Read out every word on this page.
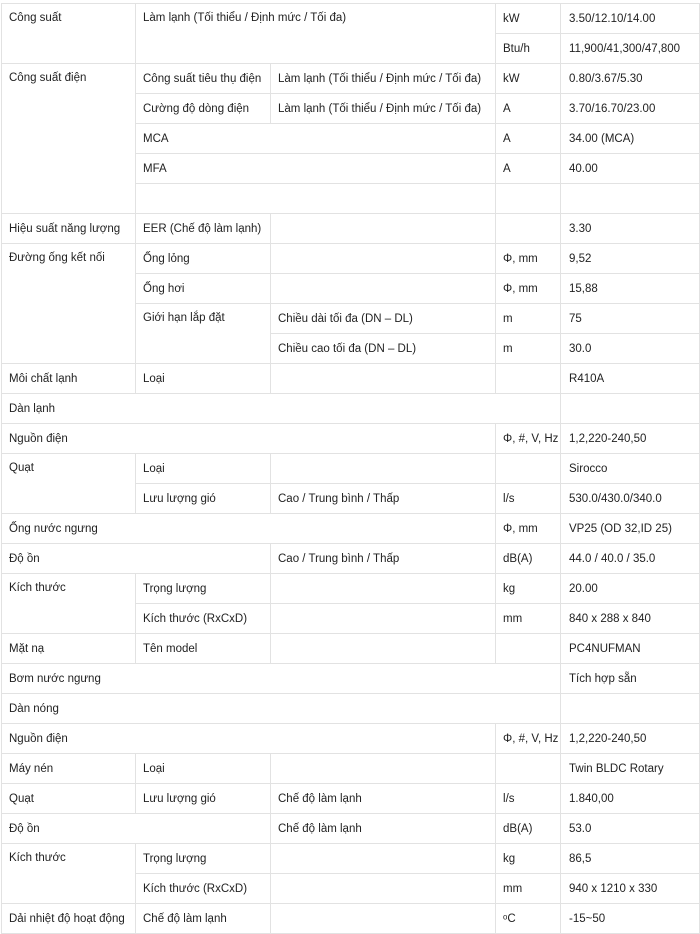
Công suất	Làm lạnh (Tối thiểu / Định mức / Tối đa)		kW	3.50/12.10/14.00
			Btu/h	11,900/41,300/47,800
Công suất điện	Công suất tiêu thụ điện	Làm lạnh (Tối thiểu / Định mức / Tối đa)	kW	0.80/3.67/5.30
	Cường độ dòng điện	Làm lạnh (Tối thiểu / Định mức / Tối đa)	A	3.70/16.70/23.00
	MCA		A	34.00 (MCA)
	MFA		A	40.00

Hiệu suất năng lượng	EER (Chế độ làm lạnh)			3.30
Đường ống kết nối	Ống lỏng		Φ, mm	9,52
	Ống hơi		Φ, mm	15,88
	Giới hạn lắp đặt	Chiều dài tối đa (DN – DL)	m	75
		Chiều cao tối đa (DN – DL)	m	30.0
Môi chất lạnh	Loại			R410A
Dàn lạnh				
Nguồn điện			Φ, #, V, Hz	1,2,220-240,50
Quạt	Loại			Sirocco
	Lưu lượng gió	Cao / Trung bình / Thấp	l/s	530.0/430.0/340.0
Ống nước ngưng			Φ, mm	VP25 (OD 32,ID 25)
Độ ồn		Cao / Trung bình / Thấp	dB(A)	44.0 / 40.0 / 35.0
Kích thước	Trọng lượng		kg	20.00
	Kích thước (RxCxD)		mm	840 x 288 x 840
Mặt nạ	Tên model			PC4NUFMAN
Bơm nước ngưng				Tích hợp sẵn
Dàn nóng				
Nguồn điện			Φ, #, V, Hz	1,2,220-240,50
Máy nén	Loại			Twin BLDC Rotary
Quạt	Lưu lượng gió	Chế độ làm lạnh	l/s	1.840,00
Độ ồn		Chế độ làm lạnh	dB(A)	53.0
Kích thước	Trọng lượng		kg	86,5
	Kích thước (RxCxD)		mm	940 x 1210 x 330
Dải nhiệt độ hoạt động	Chế độ làm lạnh		ᵒC	-15~50
